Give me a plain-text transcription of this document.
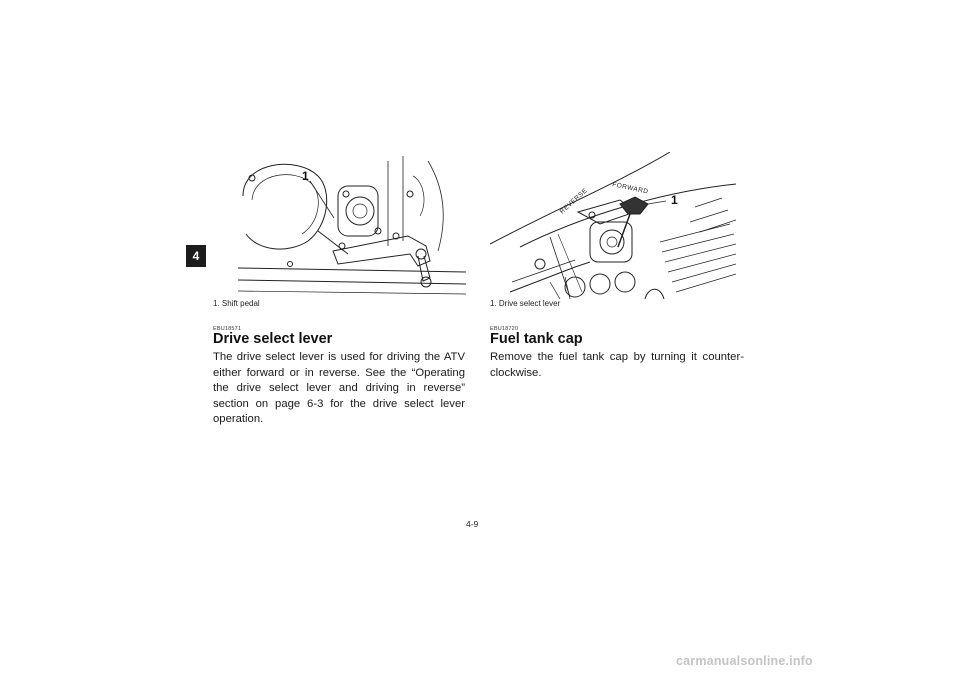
4
1
1. Shift pedal
EBU18571
Drive select lever

The drive select lever is used for driving the ATV either forward or in reverse. See the “Operating the drive select lever and driving in reverse” section on page 6-3 for the drive select lever operation.

REVERSE	FORWARD
1
1. Drive select lever
EBU18720
Fuel tank cap

Remove the fuel tank cap by turning it counter-clockwise.

4-9
carmanualsonline.info
